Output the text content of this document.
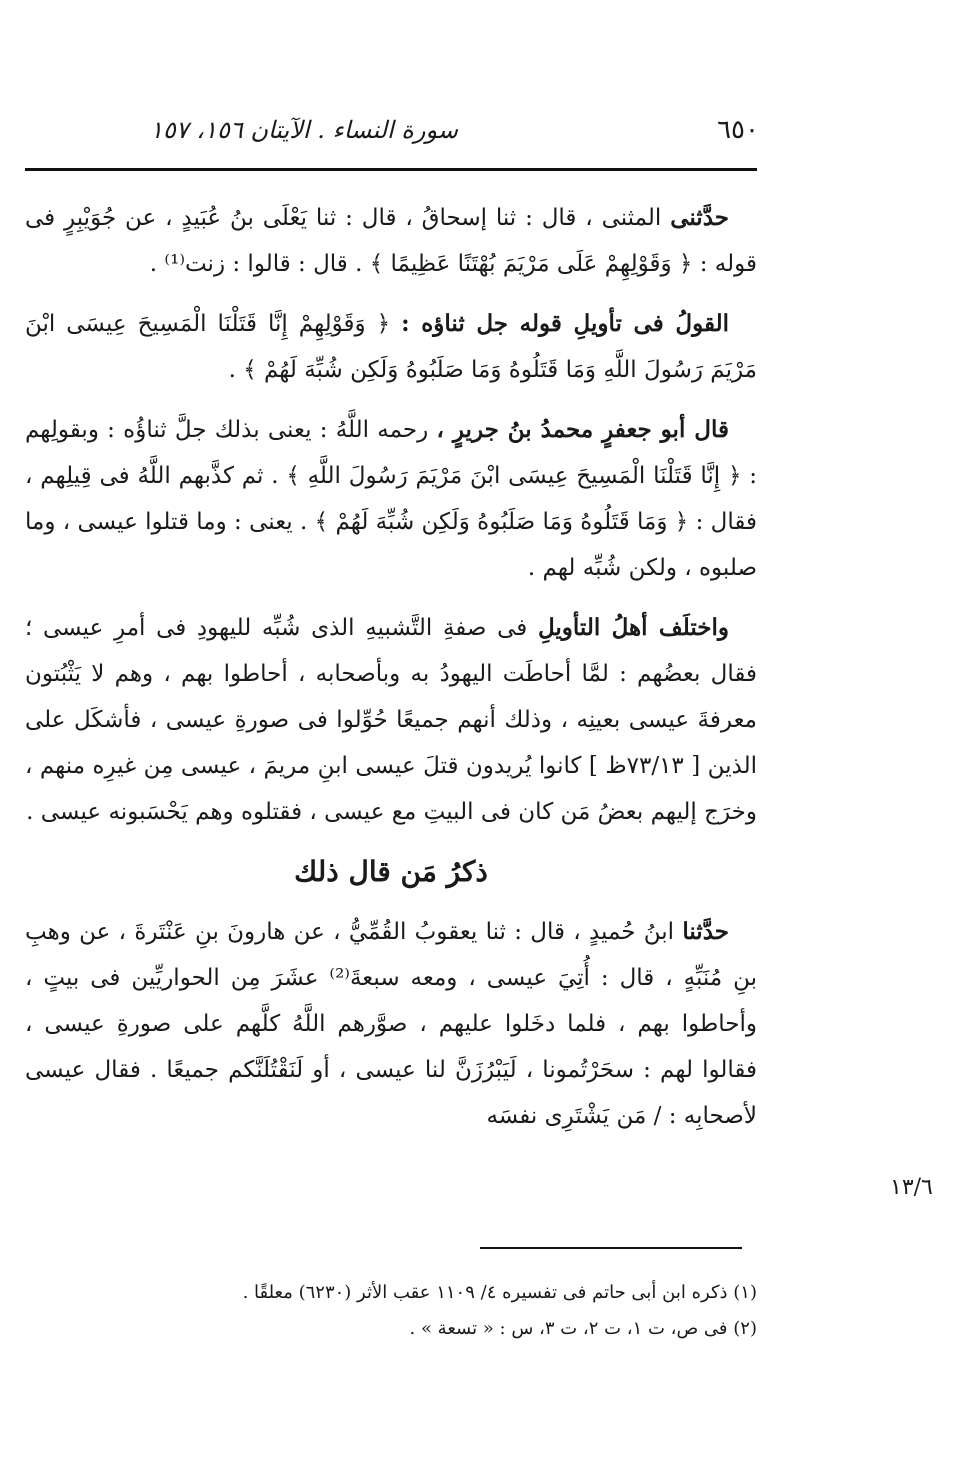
٦٥٠
سورة النساء . الآيتان ١٥٦، ١٥٧

حدَّثنى المثنى ، قال : ثنا إسحاقُ ، قال : ثنا يَعْلَى بنُ عُبَيدٍ ، عن جُوَيْبِرٍ فى قوله : ﴿ وَقَوْلِهِمْ عَلَى مَرْيَمَ بُهْتَنًا عَظِيمًا ﴾ . قال : قالوا : زنت⁽¹⁾ .

القولُ فى تأويلِ قوله جل ثناؤه : ﴿ وَقَوْلِهِمْ إِنَّا قَتَلْنَا الْمَسِيحَ عِيسَى ابْنَ مَرْيَمَ رَسُولَ اللَّهِ وَمَا قَتَلُوهُ وَمَا صَلَبُوهُ وَلَكِن شُبِّهَ لَهُمْ ﴾ .

قال أبو جعفرٍ محمدُ بنُ جريرٍ ، رحمه اللَّهُ : يعنى بذلك جلَّ ثناؤُه : وبقولِهم : ﴿ إِنَّا قَتَلْنَا الْمَسِيحَ عِيسَى ابْنَ مَرْيَمَ رَسُولَ اللَّهِ ﴾ . ثم كذَّبهم اللَّهُ فى قِيلِهم ، فقال : ﴿ وَمَا قَتَلُوهُ وَمَا صَلَبُوهُ وَلَكِن شُبِّهَ لَهُمْ ﴾ . يعنى : وما قتلوا عيسى ، وما صلبوه ، ولكن شُبِّه لهم .

واختلَف أهلُ التأويلِ فى صفةِ التَّشبيهِ الذى شُبِّه لليهودِ فى أمرِ عيسى ؛ فقال بعضُهم : لمَّا أحاطَت اليهودُ به وبأصحابه ، أحاطوا بهم ، وهم لا يَثْبُتون معرفةَ عيسى بعينِه ، وذلك أنهم جميعًا حُوِّلوا فى صورةِ عيسى ، فأشكَل على الذين [ ٧٣/١٣ظ ] كانوا يُريدون قتلَ عيسى ابنِ مريمَ ، عيسى مِن غيرِه منهم ، وخرَج إليهم بعضُ مَن كان فى البيتِ مع عيسى ، فقتلوه وهم يَحْسَبونه عيسى .

ذكرُ مَن قال ذلك

حدَّثنا ابنُ حُميدٍ ، قال : ثنا يعقوبُ القُمِّيُّ ، عن هارونَ بنِ عَنْتَرةَ ، عن وهبِ بنِ مُنَبِّهٍ ، قال : أُتِيَ عيسى ، ومعه سبعةَ⁽²⁾ عشَرَ مِن الحواريِّين فى بيتٍ ، وأحاطوا بهم ، فلما دخَلوا عليهم ، صوَّرهم اللَّهُ كلَّهم على صورةِ عيسى ، فقالوا لهم : سحَرْتُمونا ، لَيَبْرُزَنَّ لنا عيسى ، أو لَنَقْتُلَنَّكم جميعًا . فقال عيسى لأصحابِه : / مَن يَشْتَرِى نفسَه

١٣/٦
(١) ذكره ابن أبى حاتم فى تفسيره ٤/ ١١٠٩ عقب الأثر (٦٢٣٠) معلقًا .
(٢) فى ص، ت ١، ت ٢، ت ٣، س : « تسعة » .
